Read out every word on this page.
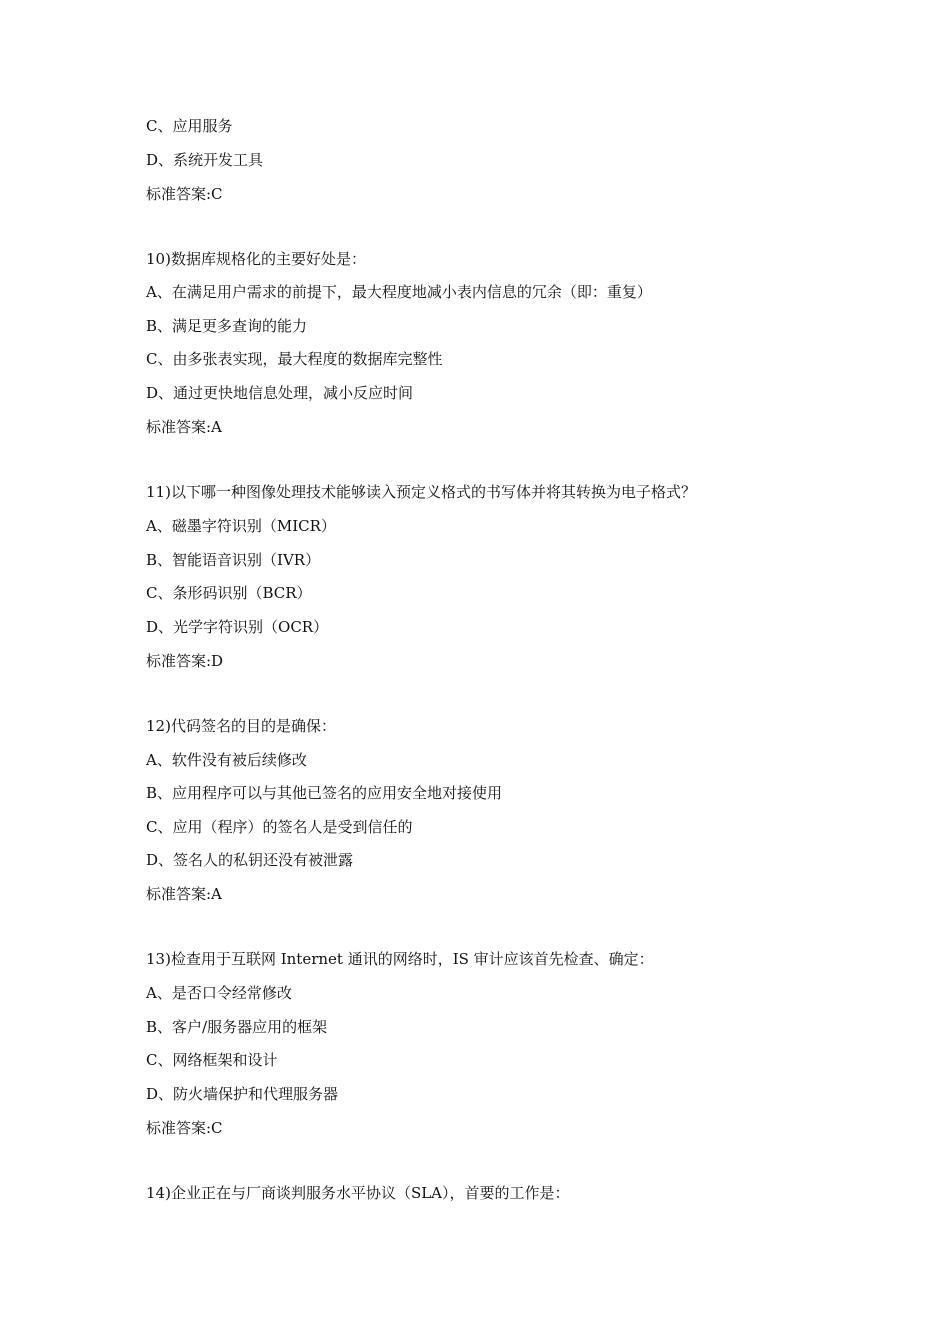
C、应用服务
D、系统开发工具
标准答案:C
10)数据库规格化的主要好处是：
A、在满足用户需求的前提下，最大程度地减小表内信息的冗余（即：重复）
B、满足更多查询的能力
C、由多张表实现，最大程度的数据库完整性
D、通过更快地信息处理，减小反应时间
标准答案:A
11)以下哪一种图像处理技术能够读入预定义格式的书写体并将其转换为电子格式？
A、磁墨字符识别（MICR）
B、智能语音识别（IVR）
C、条形码识别（BCR）
D、光学字符识别（OCR）
标准答案:D
12)代码签名的目的是确保：
A、软件没有被后续修改
B、应用程序可以与其他已签名的应用安全地对接使用
C、应用（程序）的签名人是受到信任的
D、签名人的私钥还没有被泄露
标准答案:A
13)检查用于互联网 Internet 通讯的网络时，IS 审计应该首先检查、确定：
A、是否口令经常修改
B、客户/服务器应用的框架
C、网络框架和设计
D、防火墙保护和代理服务器
标准答案:C
14)企业正在与厂商谈判服务水平协议（SLA），首要的工作是：
